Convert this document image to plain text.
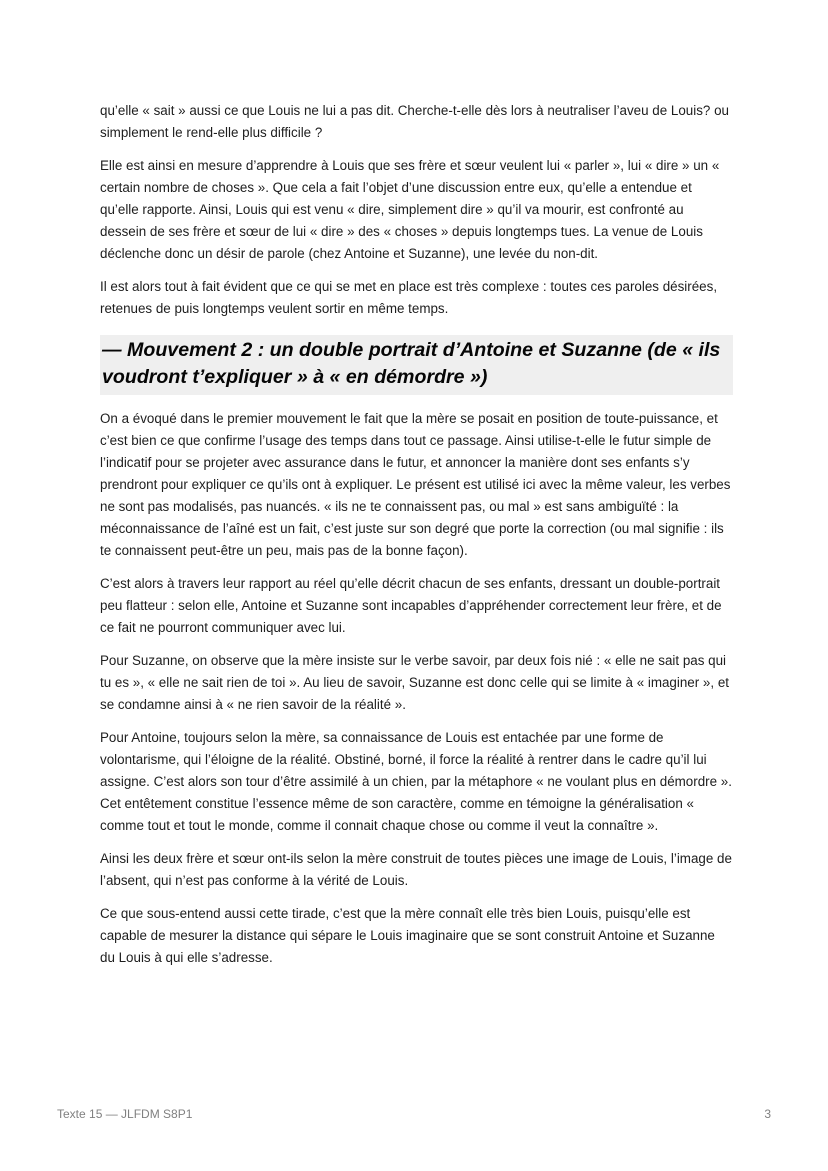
qu’elle « sait » aussi ce que Louis ne lui a pas dit. Cherche-t-elle dès lors à neutraliser l’aveu de Louis? ou simplement le rend-elle plus difficile ?

Elle est ainsi en mesure d’apprendre à Louis que ses frère et sœur veulent lui « parler », lui « dire » un « certain nombre de choses ». Que cela a fait l’objet d’une discussion entre eux, qu’elle a entendue et qu’elle rapporte. Ainsi, Louis qui est venu « dire, simplement dire » qu’il va mourir, est confronté au dessein de ses frère et sœur de lui « dire » des « choses » depuis longtemps tues. La venue de Louis déclenche donc un désir de parole (chez Antoine et Suzanne), une levée du non-dit.

Il est alors tout à fait évident que ce qui se met en place est très complexe : toutes ces paroles désirées, retenues de puis longtemps veulent sortir en même temps.

— Mouvement 2 : un double portrait d’Antoine et Suzanne (de « ils voudront t’expliquer » à « en démordre »)

On a évoqué dans le premier mouvement le fait que la mère se posait en position de toute-puissance, et c’est bien ce que confirme l’usage des temps dans tout ce passage. Ainsi utilise-t-elle le futur simple de l’indicatif pour se projeter avec assurance dans le futur, et annoncer la manière dont ses enfants s’y prendront pour expliquer ce qu’ils ont à expliquer. Le présent est utilisé ici avec la même valeur, les verbes ne sont pas modalisés, pas nuancés. « ils ne te connaissent pas, ou mal » est sans ambiguïté : la méconnaissance de l’aîné est un fait, c’est juste sur son degré que porte la correction (ou mal signifie : ils te connaissent peut-être un peu, mais pas de la bonne façon).

C’est alors à travers leur rapport au réel qu’elle décrit chacun de ses enfants, dressant un double-portrait peu flatteur : selon elle, Antoine et Suzanne sont incapables d’appréhender correctement leur frère, et de ce fait ne pourront communiquer avec lui.

Pour Suzanne, on observe que la mère insiste sur le verbe savoir, par deux fois nié : « elle ne sait pas qui tu es », « elle ne sait rien de toi ». Au lieu de savoir, Suzanne est donc celle qui se limite à « imaginer », et se condamne ainsi à « ne rien savoir de la réalité ».

Pour Antoine, toujours selon la mère, sa connaissance de Louis est entachée par une forme de volontarisme, qui l’éloigne de la réalité. Obstiné, borné, il force la réalité à rentrer dans le cadre qu’il lui assigne. C’est alors son tour d’être assimilé à un chien, par la métaphore « ne voulant plus en démordre ». Cet entêtement constitue l’essence même de son caractère, comme en témoigne la généralisation « comme tout et tout le monde, comme il connait chaque chose ou comme il veut la connaître ».

Ainsi les deux frère et sœur ont-ils selon la mère construit de toutes pièces une image de Louis, l’image de l’absent, qui n’est pas conforme à la vérité de Louis.

Ce que sous-entend aussi cette tirade, c’est que la mère connaît elle très bien Louis, puisqu’elle est capable de mesurer la distance qui sépare le Louis imaginaire que se sont construit Antoine et Suzanne du Louis à qui elle s’adresse.

Texte 15 — JLFDM S8P1	3
